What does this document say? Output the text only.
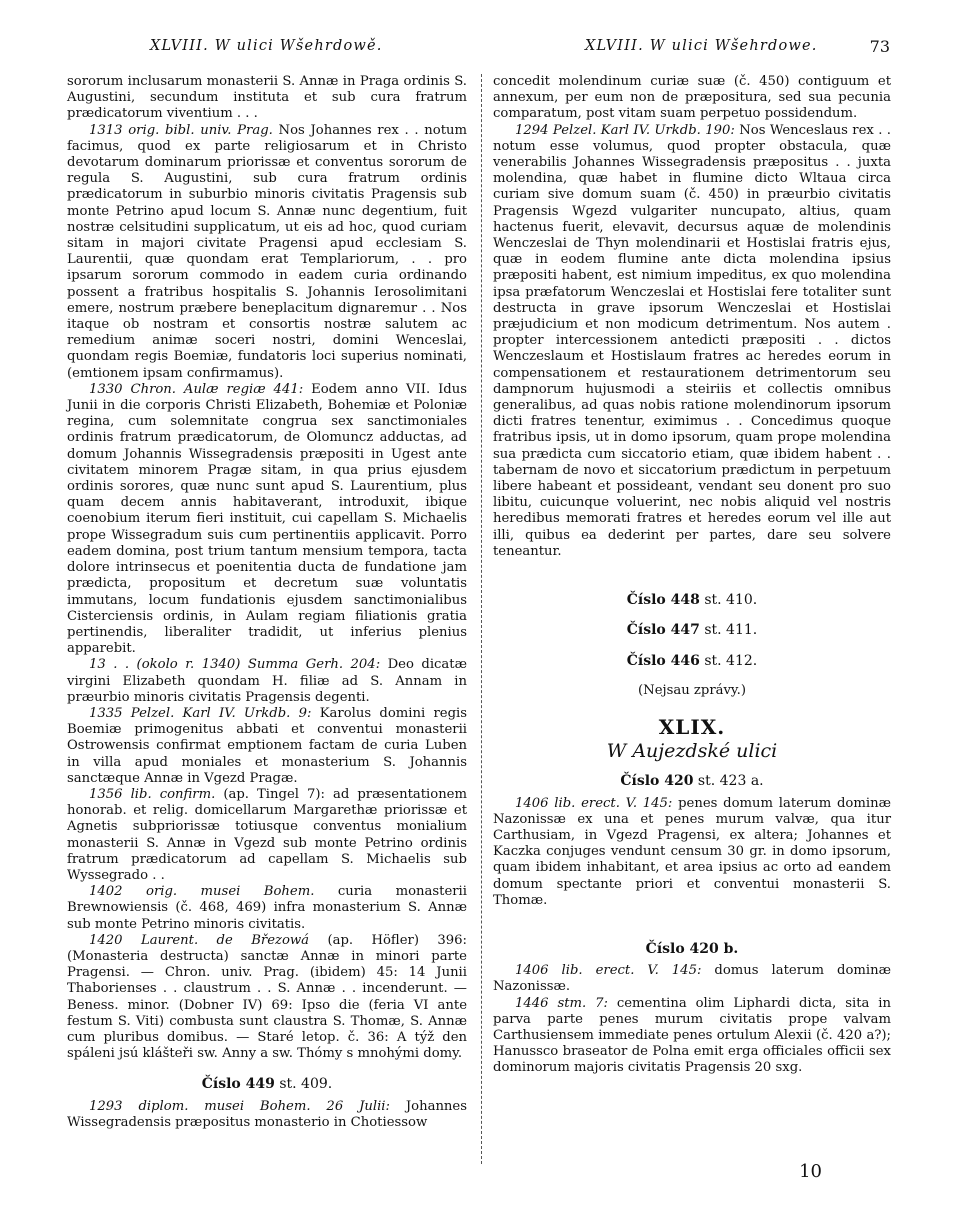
XLVIII. W ulici Wšehrdowě.	XLVIII. W ulici Wšehrdowe.	73

sororum inclusarum monasterii S. Annæ in Praga ordinis S. Augustini, secundum instituta et sub cura fratrum prædicatorum viventium . . .

1313 orig. bibl. univ. Prag. Nos Johannes rex . . notum facimus, quod ex parte religiosarum et in Christo devotarum dominarum priorissæ et conventus sororum de regula S. Augustini, sub cura fratrum ordinis prædicatorum in suburbio minoris civitatis Pragensis sub monte Petrino apud locum S. Annæ nunc degentium, fuit nostræ celsitudini supplicatum, ut eis ad hoc, quod curiam sitam in majori civitate Pragensi apud ecclesiam S. Laurentii, quæ quondam erat Templariorum, . . pro ipsarum sororum commodo in eadem curia ordinando possent a fratribus hospitalis S. Johannis Ierosolimitani emere, nostrum præbere beneplacitum dignaremur . . Nos itaque ob nostram et consortis nostræ salutem ac remedium animæ soceri nostri, domini Wenceslai, quondam regis Boemiæ, fundatoris loci superius nominati, (emtionem ipsam confirmamus).

1330 Chron. Aulæ regiæ 441: Eodem anno VII. Idus Junii in die corporis Christi Elizabeth, Bohemiæ et Poloniæ regina, cum solemnitate congrua sex sanctimoniales ordinis fratrum prædicatorum, de Olomuncz adductas, ad domum Johannis Wissegradensis præpositi in Ugest ante civitatem minorem Pragæ sitam, in qua prius ejusdem ordinis sorores, quæ nunc sunt apud S. Laurentium, plus quam decem annis habitaverant, introduxit, ibique coenobium iterum fieri instituit, cui capellam S. Michaelis prope Wissegradum suis cum pertinentiis applicavit. Porro eadem domina, post trium tantum mensium tempora, tacta dolore intrinsecus et poenitentia ducta de fundatione jam prædicta, propositum et decretum suæ voluntatis immutans, locum fundationis ejusdem sanctimonialibus Cisterciensis ordinis, in Aulam regiam filiationis gratia pertinendis, liberaliter tradidit, ut inferius plenius apparebit.

13 . . (okolo r. 1340) Summa Gerh. 204: Deo dicatæ virgini Elizabeth quondam H. filiæ ad S. Annam in præurbio minoris civitatis Pragensis degenti.

1335 Pelzel. Karl IV. Urkdb. 9: Karolus domini regis Boemiæ primogenitus abbati et conventui monasterii Ostrowensis confirmat emptionem factam de curia Luben in villa apud moniales et monasterium S. Johannis sanctæque Annæ in Vgezd Pragæ.

1356 lib. confirm. (ap. Tingel 7): ad præsentationem honorab. et relig. domicellarum Margarethæ priorissæ et Agnetis subpriorissæ totiusque conventus monialium monasterii S. Annæ in Vgezd sub monte Petrino ordinis fratrum prædicatorum ad capellam S. Michaelis sub Wyssegrado . .

1402 orig. musei Bohem. curia monasterii Brewnowiensis (č. 468, 469) infra monasterium S. Annæ sub monte Petrino minoris civitatis.

1420 Laurent. de Březowá (ap. Höfler) 396: (Monasteria destructa) sanctæ Annæ in minori parte Pragensi. — Chron. univ. Prag. (ibidem) 45: 14 Junii Thaborienses . . claustrum . . S. Annæ . . incenderunt. — Beness. minor. (Dobner IV) 69: Ipso die (feria VI ante festum S. Viti) combusta sunt claustra S. Thomæ, S. Annæ cum pluribus domibus. — Staré letop. č. 36: A týž den spáleni jsú klášteři sw. Anny a sw. Thómy s mnohými domy.

Číslo 449 st. 409.

1293 diplom. musei Bohem. 26 Julii: Johannes Wissegradensis præpositus monasterio in Chotiessow

concedit molendinum curiæ suæ (č. 450) contiguum et annexum, per eum non de præpositura, sed sua pecunia comparatum, post vitam suam perpetuo possidendum.

1294 Pelzel. Karl IV. Urkdb. 190: Nos Wenceslaus rex . . notum esse volumus, quod propter obstacula, quæ venerabilis Johannes Wissegradensis præpositus . . juxta molendina, quæ habet in flumine dicto Wltaua circa curiam sive domum suam (č. 450) in præurbio civitatis Pragensis Wgezd vulgariter nuncupato, altius, quam hactenus fuerit, elevavit, decursus aquæ de molendinis Wenczeslai de Thyn molendinarii et Hostislai fratris ejus, quæ in eodem flumine ante dicta molendina ipsius præpositi habent, est nimium impeditus, ex quo molendina ipsa præfatorum Wenczeslai et Hostislai fere totaliter sunt destructa in grave ipsorum Wenczeslai et Hostislai præjudicium et non modicum detrimentum. Nos autem . propter intercessionem antedicti præpositi . . dictos Wenczeslaum et Hostislaum fratres ac heredes eorum in compensationem et restaurationem detrimentorum seu dampnorum hujusmodi a steiriis et collectis omnibus generalibus, ad quas nobis ratione molendinorum ipsorum dicti fratres tenentur, eximimus . . Concedimus quoque fratribus ipsis, ut in domo ipsorum, quam prope molendina sua prædicta cum siccatorio etiam, quæ ibidem habent . . tabernam de novo et siccatorium prædictum in perpetuum libere habeant et possideant, vendant seu donent pro suo libitu, cuicunque voluerint, nec nobis aliquid vel nostris heredibus memorati fratres et heredes eorum vel ille aut illi, quibus ea dederint per partes, dare seu solvere teneantur.

Číslo 448 st. 410.
Číslo 447 st. 411.
Číslo 446 st. 412.
(Nejsau zprávy.)
XLIX.
W Aujezdské ulici
Číslo 420 st. 423 a.

1406 lib. erect. V. 145: penes domum laterum dominæ Nazonissæ ex una et penes murum valvæ, qua itur Carthusiam, in Vgezd Pragensi, ex altera; Johannes et Kaczka conjuges vendunt censum 30 gr. in domo ipsorum, quam ibidem inhabitant, et area ipsius ac orto ad eandem domum spectante priori et conventui monasterii S. Thomæ.

Číslo 420 b.

1406 lib. erect. V. 145: domus laterum dominæ Nazonissæ.

1446 stm. 7: cementina olim Liphardi dicta, sita in parva parte penes murum civitatis prope valvam Carthusiensem immediate penes ortulum Alexii (č. 420 a?); Hanussco braseator de Polna emit erga officiales officii sex dominorum majoris civitatis Pragensis 20 sxg.

10
